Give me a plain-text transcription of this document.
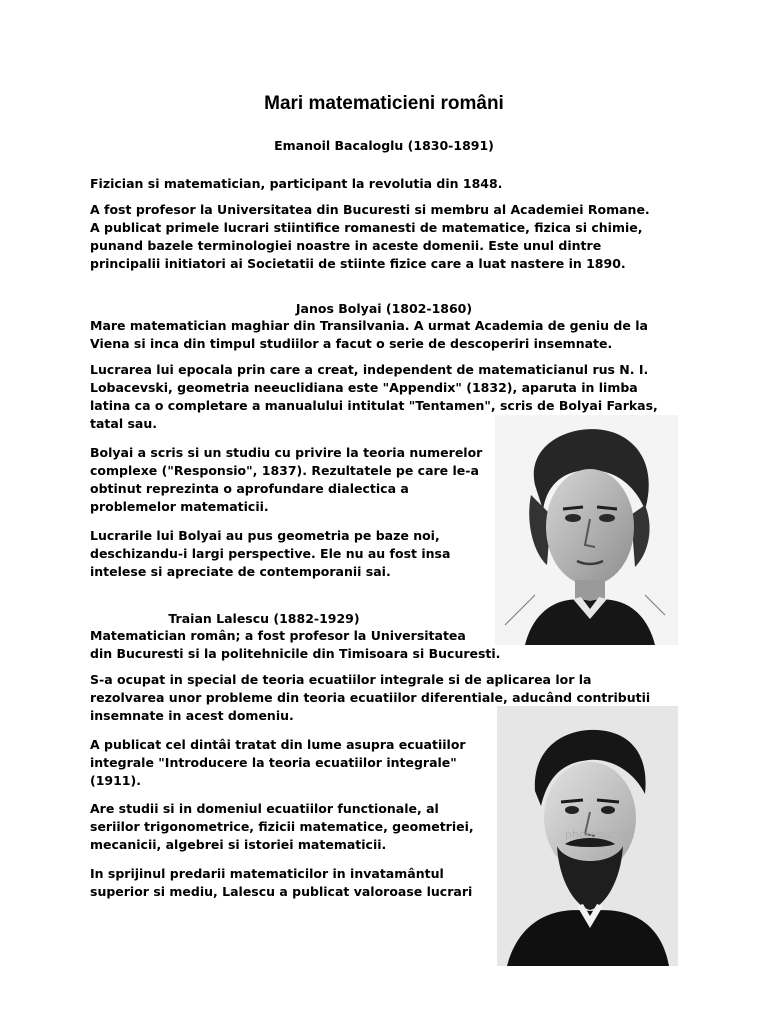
Mari matematicieni români
Emanoil Bacaloglu (1830-1891)

Fizician si matematician, participant la revolutia din 1848.

A fost profesor la Universitatea din Bucuresti si membru al Academiei Romane.
A publicat primele lucrari stiintifice romanesti de matematice, fizica si chimie,
punand bazele terminologiei noastre in aceste domenii. Este unul dintre
principalii initiatori ai Societatii de stiinte fizice care a luat nastere in 1890.

Janos Bolyai (1802-1860)

Mare matematician maghiar din Transilvania. A urmat Academia de geniu de la
Viena si inca din timpul studiilor a facut o serie de descoperiri insemnate.

Lucrarea lui epocala prin care a creat, independent de matematicianul rus N. I.
Lobacevski, geometria neeuclidiana este "Appendix" (1832), aparuta in limba
latina ca o completare a manualului intitulat "Tentamen", scris de Bolyai Farkas,
tatal sau.

Bolyai a scris si un studiu cu privire la teoria numerelor
complexe ("Responsio", 1837). Rezultatele pe care le-a
obtinut reprezinta o aprofundare dialectica a
problemelor matematicii.

Lucrarile lui Bolyai au pus geometria pe baze noi,
deschizandu-i largi perspective. Ele nu au fost insa
intelese si apreciate de contemporanii sai.

Traian Lalescu (1882-1929)

Matematician român; a fost profesor la Universitatea
din Bucuresti si la politehnicile din Timisoara si Bucuresti.

S-a ocupat in special de teoria ecuatiilor integrale si de aplicarea lor la
rezolvarea unor probleme din teoria ecuatiilor diferentiale, aducând contributii
insemnate in acest domeniu.

A publicat cel dintâi tratat din lume asupra ecuatiilor
integrale "Introducere la teoria ecuatiilor integrale"
(1911).

Are studii si in domeniul ecuatiilor functionale, al
seriilor trigonometrice, fizicii matematice, geometriei,
mecanicii, algebrei si istoriei matematicii.

In sprijinul predarii matematicilor in invatamântul
superior si mediu, Lalescu a publicat valoroase lucrari

photobucket
